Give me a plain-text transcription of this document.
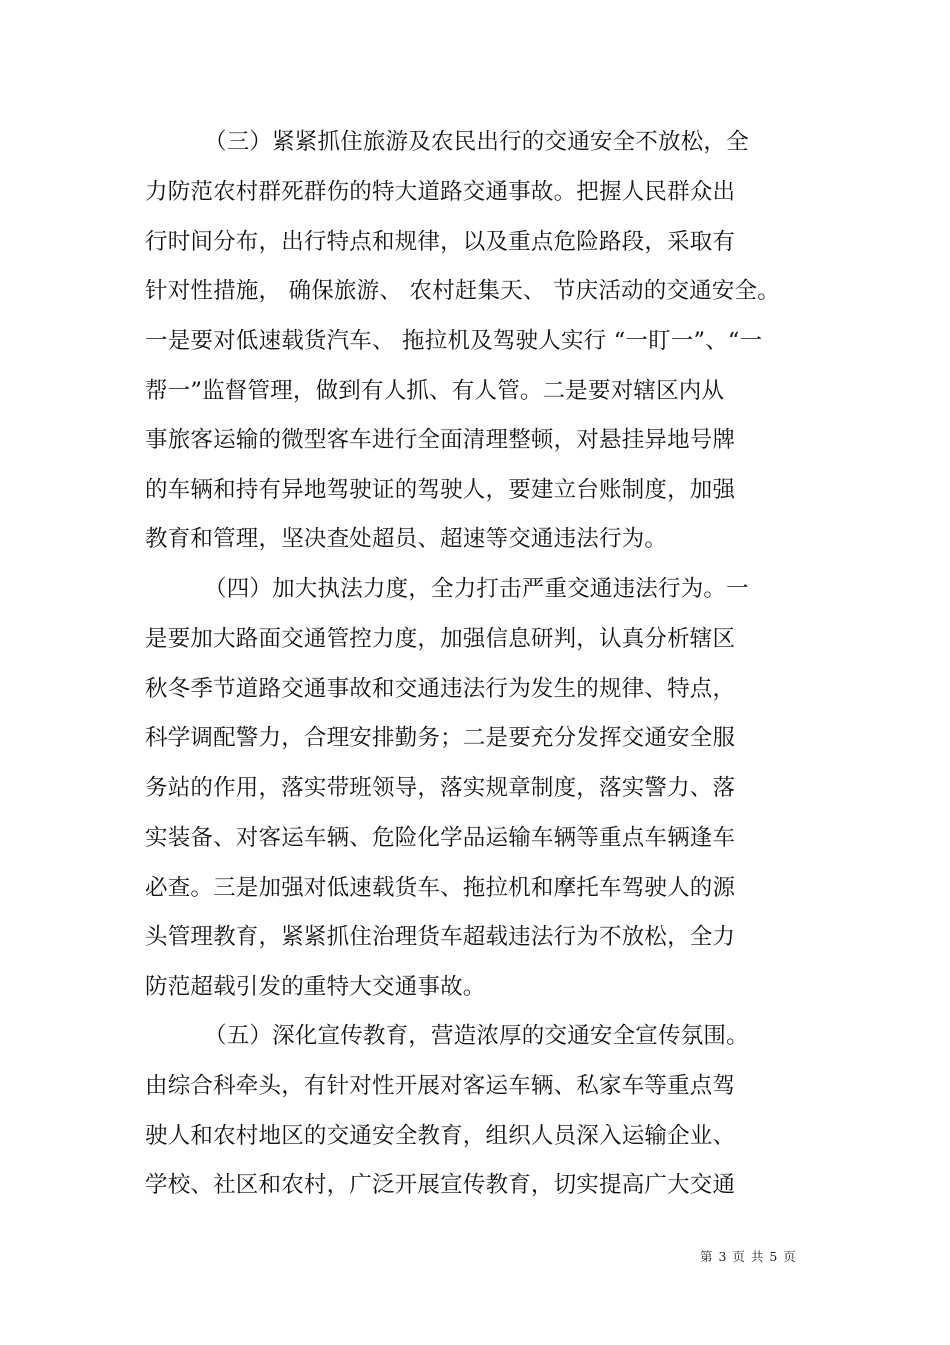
（三）紧紧抓住旅游及农民出行的交通安全不放松，全
力防范农村群死群伤的特大道路交通事故。把握人民群众出
行时间分布，出行特点和规律，以及重点危险路段，采取有
针对性措施， 确保旅游、 农村赶集天、 节庆活动的交通安全。
一是要对低速载货汽车、 拖拉机及驾驶人实行 “一盯一”、“一
帮一”监督管理，做到有人抓、有人管。二是要对辖区内从
事旅客运输的微型客车进行全面清理整顿，对悬挂异地号牌
的车辆和持有异地驾驶证的驾驶人，要建立台账制度，加强
教育和管理，坚决查处超员、超速等交通违法行为。
（四）加大执法力度，全力打击严重交通违法行为。一
是要加大路面交通管控力度，加强信息研判，认真分析辖区
秋冬季节道路交通事故和交通违法行为发生的规律、特点，
科学调配警力，合理安排勤务；二是要充分发挥交通安全服
务站的作用，落实带班领导，落实规章制度，落实警力、落
实装备、对客运车辆、危险化学品运输车辆等重点车辆逢车
必查。三是加强对低速载货车、拖拉机和摩托车驾驶人的源
头管理教育，紧紧抓住治理货车超载违法行为不放松，全力
防范超载引发的重特大交通事故。
（五）深化宣传教育，营造浓厚的交通安全宣传氛围。
由综合科牵头，有针对性开展对客运车辆、私家车等重点驾
驶人和农村地区的交通安全教育，组织人员深入运输企业、
学校、社区和农村，广泛开展宣传教育，切实提高广大交通
第 3 页 共 5 页
